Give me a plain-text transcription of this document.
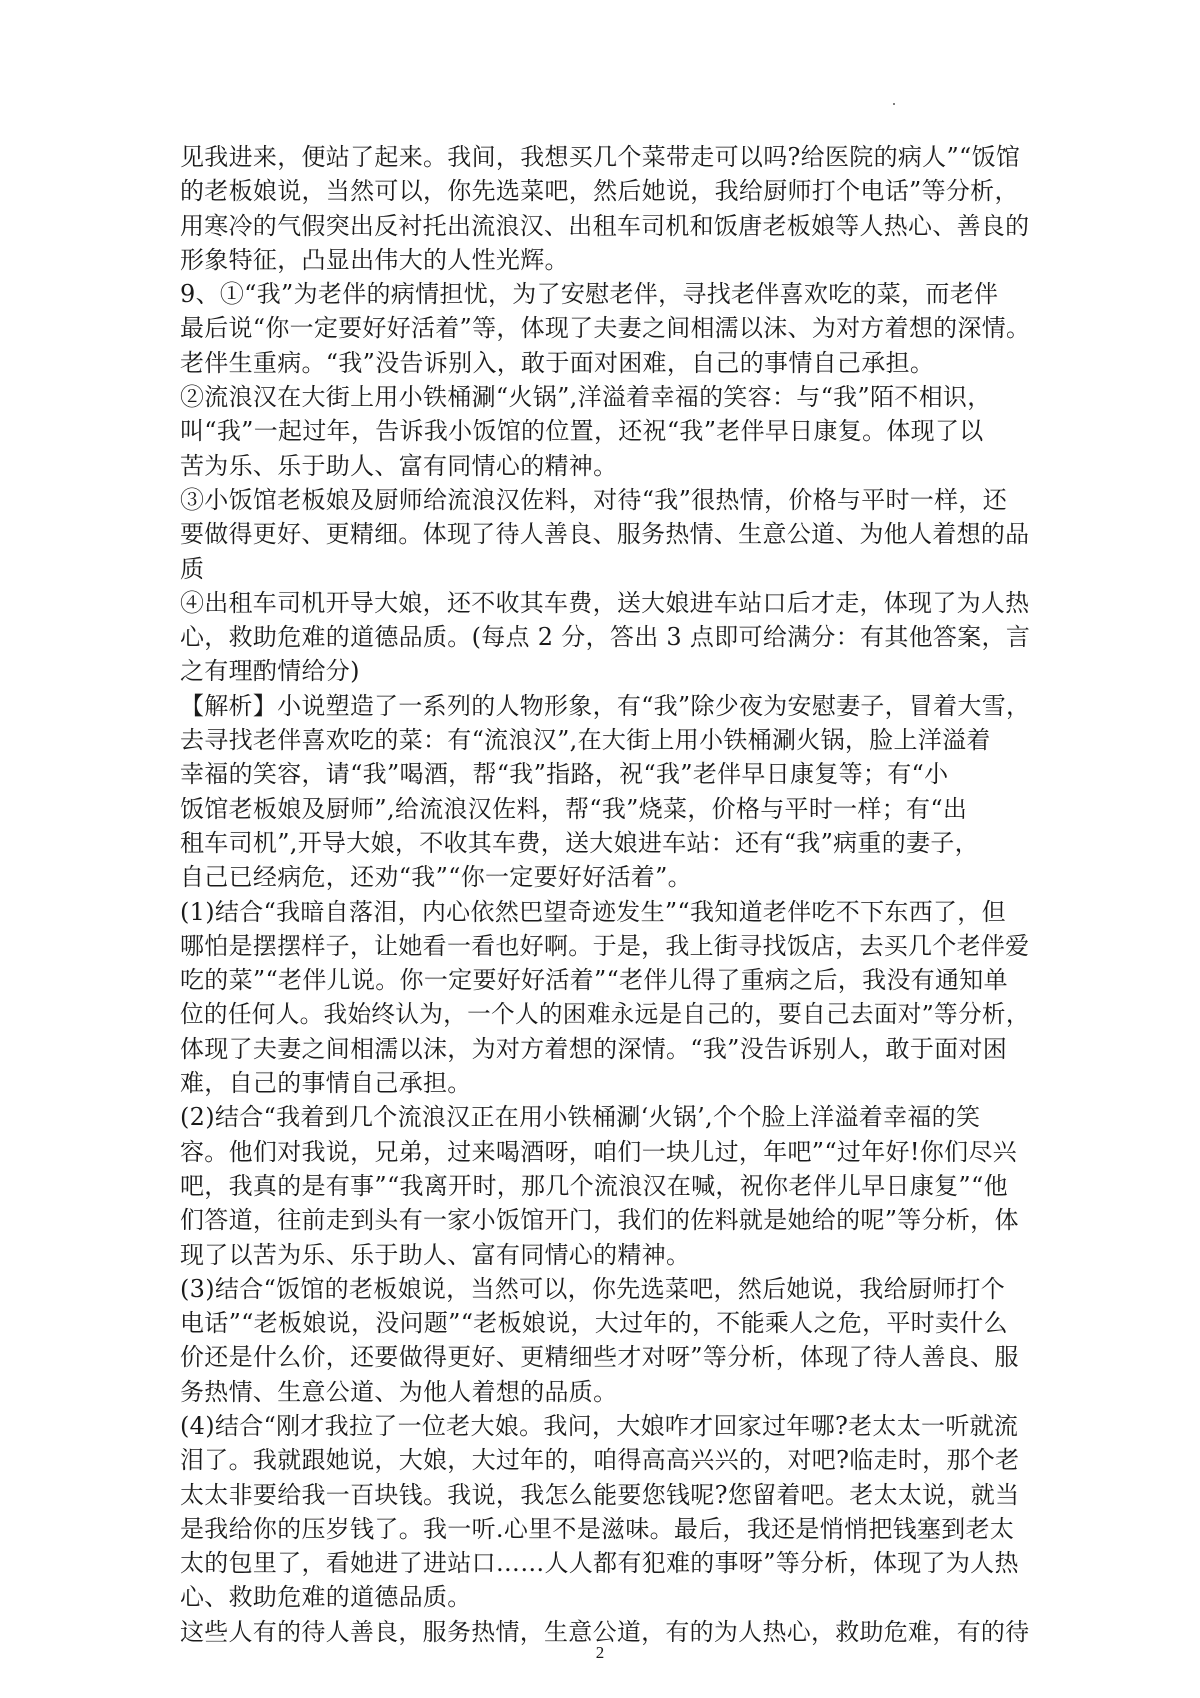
见我进来，便站了起来。我间，我想买几个菜带走可以吗?给医院的病人”“饭馆
的老板娘说，当然可以，你先选菜吧，然后她说，我给厨师打个电话”等分析，
用寒冷的气假突出反衬托出流浪汉、出租车司机和饭唐老板娘等人热心、善良的
形象特征，凸显出伟大的人性光辉。
9、①“我”为老伴的病情担忧，为了安慰老伴，寻找老伴喜欢吃的菜，而老伴
最后说“你一定要好好活着”等，体现了夫妻之间相濡以沫、为对方着想的深情。
老伴生重病。“我”没告诉别入，敢于面对困难，自己的事情自己承担。
②流浪汉在大街上用小铁桶涮“火锅”,洋溢着幸福的笑容：与“我”陌不相识，
叫“我”一起过年，告诉我小饭馆的位置，还祝“我”老伴早日康复。体现了以
苦为乐、乐于助人、富有同情心的精神。
③小饭馆老板娘及厨师给流浪汉佐料，对待“我”很热情，价格与平时一样，还
要做得更好、更精细。体现了待人善良、服务热情、生意公道、为他人着想的品
质
④出租车司机开导大娘，还不收其车费，送大娘进车站口后才走，体现了为人热
心，救助危难的道德品质。(每点 2 分，答出 3 点即可给满分：有其他答案，言
之有理酌情给分)
【解析】小说塑造了一系列的人物形象，有“我”除少夜为安慰妻子，冒着大雪，
去寻找老伴喜欢吃的菜：有“流浪汉”,在大街上用小铁桶涮火锅，脸上洋溢着
幸福的笑容，请“我”喝酒，帮“我”指路，祝“我”老伴早日康复等；有“小
饭馆老板娘及厨师”,给流浪汉佐料，帮“我”烧菜，价格与平时一样；有“出
租车司机”,开导大娘，不收其车费，送大娘进车站：还有“我”病重的妻子，
自己已经病危，还劝“我”“你一定要好好活着”。
(1)结合“我暗自落泪，内心依然巴望奇迹发生”“我知道老伴吃不下东西了，但
哪怕是摆摆样子，让她看一看也好啊。于是，我上街寻找饭店，去买几个老伴爱
吃的菜”“老伴儿说。你一定要好好活着”“老伴儿得了重病之后，我没有通知单
位的任何人。我始终认为，一个人的困难永远是自己的，要自己去面对”等分析，
体现了夫妻之间相濡以沫，为对方着想的深情。“我”没告诉别人，敢于面对困
难，自己的事情自己承担。
(2)结合“我着到几个流浪汉正在用小铁桶涮‘火锅’,个个脸上洋溢着幸福的笑
容。他们对我说，兄弟，过来喝酒呀，咱们一块儿过，年吧”“过年好!你们尽兴
吧，我真的是有事”“我离开时，那几个流浪汉在喊，祝你老伴儿早日康复”“他
们答道，往前走到头有一家小饭馆开门，我们的佐料就是她给的呢”等分析，体
现了以苦为乐、乐于助人、富有同情心的精神。
(3)结合“饭馆的老板娘说，当然可以，你先选菜吧，然后她说，我给厨师打个
电话”“老板娘说，没问题”“老板娘说，大过年的，不能乘人之危，平时卖什么
价还是什么价，还要做得更好、更精细些才对呀”等分析，体现了待人善良、服
务热情、生意公道、为他人着想的品质。
(4)结合“刚才我拉了一位老大娘。我问，大娘咋才回家过年哪?老太太一听就流
泪了。我就跟她说，大娘，大过年的，咱得高高兴兴的，对吧?临走时，那个老
太太非要给我一百块钱。我说，我怎么能要您钱呢?您留着吧。老太太说，就当
是我给你的压岁钱了。我一听.心里不是滋味。最后，我还是悄悄把钱塞到老太
太的包里了，看她进了进站口……人人都有犯难的事呀”等分析，体现了为人热
心、救助危难的道德品质。
这些人有的待人善良，服务热情，生意公道，有的为人热心，救助危难，有的待
2
